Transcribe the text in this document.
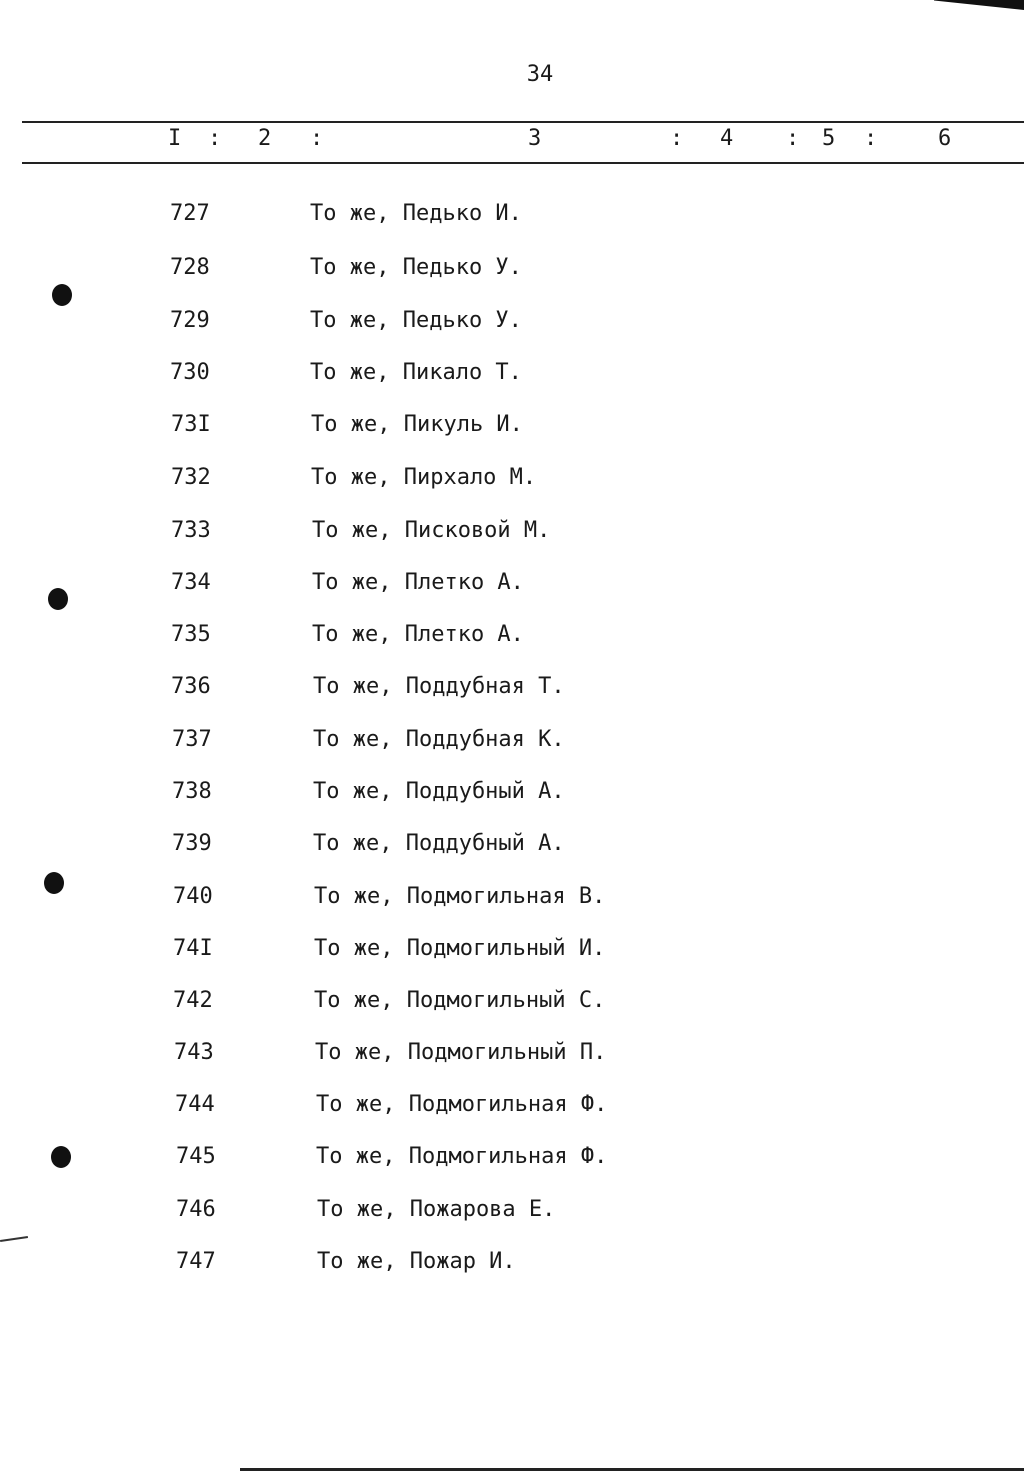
34
I : 2 :	3	: 4 : 5 :	6
727	То же, Педько И.
728	То же, Педько У.
729	То же, Педько У.
730	То же, Пикало Т.
73I	То же, Пикуль И.
732	То же, Пирхало М.
733	То же, Писковой М.
734	То же, Плетко А.
735	То же, Плетко А.
736	То же, Поддубная Т.
737	То же, Поддубная К.
738	То же, Поддубный А.
739	То же, Поддубный А.
740	То же, Подмогильная В.
74I	То же, Подмогильный И.
742	То же, Подмогильный С.
743	То же, Подмогильный П.
744	То же, Подмогильная Ф.
745	То же, Подмогильная Ф.
746	То же, Пожарова Е.
747	То же, Пожар И.
